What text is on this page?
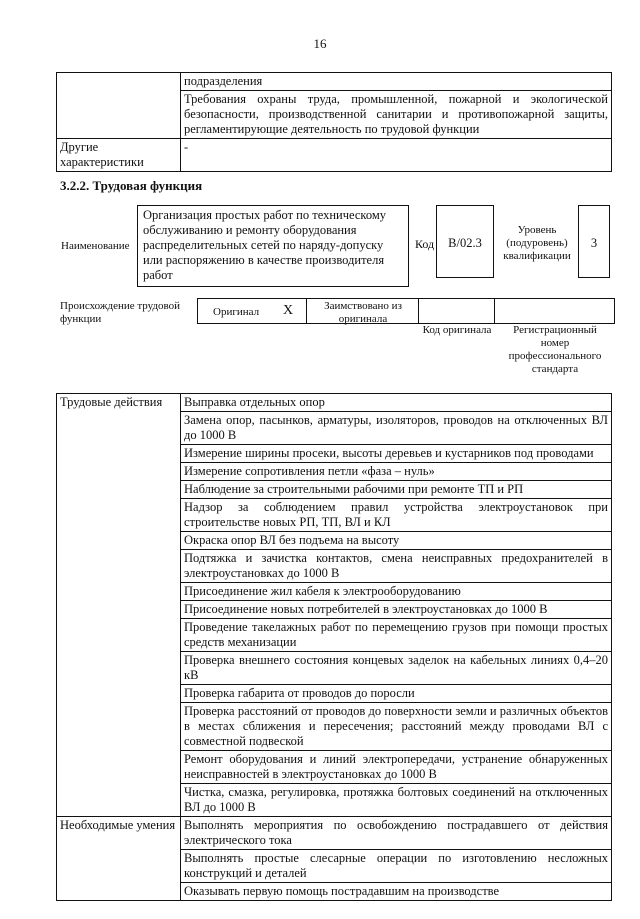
16

	подразделения
Требования охраны труда, промышленной, пожарной и экологической безопасности, производственной санитарии и противопожарной защиты, регламентирующие деятельность по трудовой функции

Другие характеристики	-
3.2.2. Трудовая функция
Наименование
Организация простых работ по техническому обслуживанию и ремонту оборудования распределительных сетей по наряду-допуску или распоряжению в качестве производителя работ
Код	B/02.3
Уровень (подуровень) квалификации
3
Происхождение трудовой функции
Оригинал X	Заимствовано из оригинала
Код оригинала	Регистрационный номер профессионального стандарта
Трудовые действия	Выправка отдельных опор
	Замена опор, пасынков, арматуры, изоляторов, проводов на отключенных ВЛ до 1000 В
	Измерение ширины просеки, высоты деревьев и кустарников под проводами
	Измерение сопротивления петли «фаза – нуль»
	Наблюдение за строительными рабочими при ремонте ТП и РП
	Надзор за соблюдением правил устройства электроустановок при строительстве новых РП, ТП, ВЛ и КЛ
	Окраска опор ВЛ без подъема на высоту
	Подтяжка и зачистка контактов, смена неисправных предохранителей в электроустановках до 1000 В
	Присоединение жил кабеля к электрооборудованию
	Присоединение новых потребителей в электроустановках до 1000 В
	Проведение такелажных работ по перемещению грузов при помощи простых средств механизации
	Проверка внешнего состояния концевых заделок на кабельных линиях 0,4–20 кВ
	Проверка габарита от проводов до поросли
	Проверка расстояний от проводов до поверхности земли и различных объектов в местах сближения и пересечения; расстояний между проводами ВЛ с совместной подвеской
	Ремонт оборудования и линий электропередачи, устранение обнаруженных неисправностей в электроустановках до 1000 В
	Чистка, смазка, регулировка, протяжка болтовых соединений на отключенных ВЛ до 1000 В
Необходимые умения	Выполнять мероприятия по освобождению пострадавшего от действия электрического тока
	Выполнять простые слесарные операции по изготовлению несложных конструкций и деталей
	Оказывать первую помощь пострадавшим на производстве
